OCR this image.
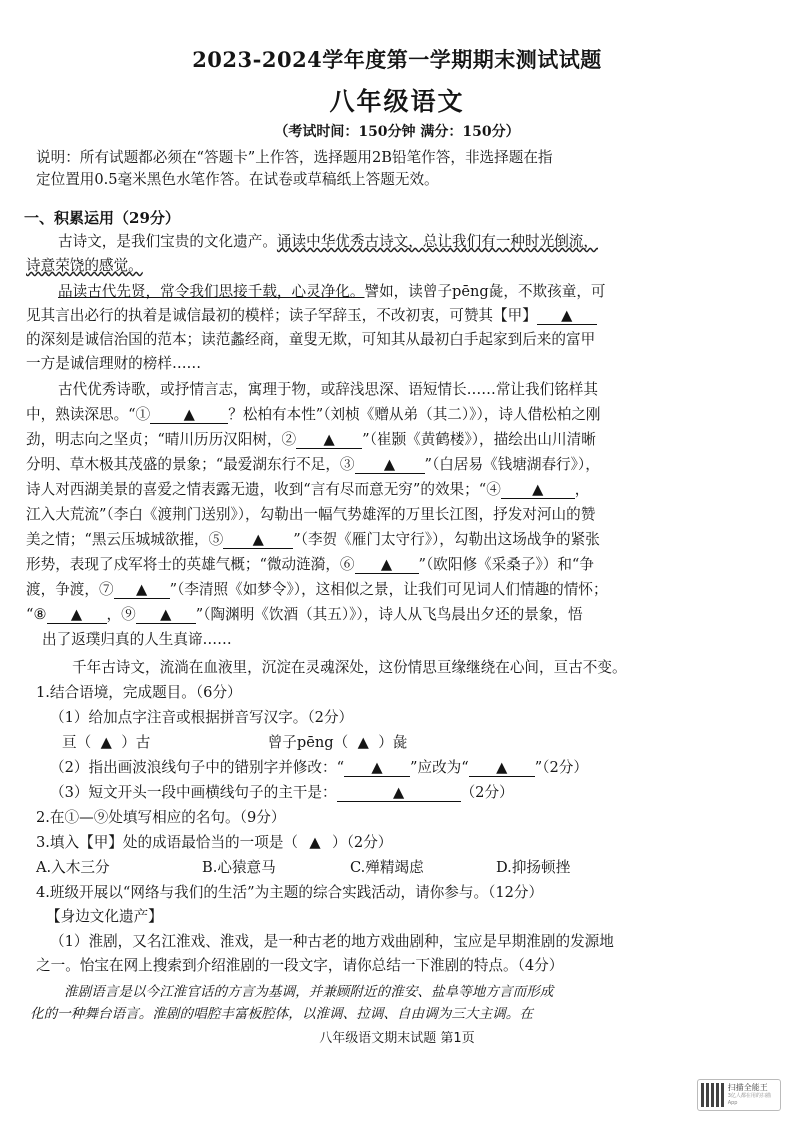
2023-2024学年度第一学期期末测试试题
八年级语文
（考试时间：150分钟 满分：150分）
说明：所有试题都必须在“答题卡”上作答，选择题用2B铅笔作答，非选择题在指
定位置用0.5毫米黑色水笔作答。在试卷或草稿纸上答题无效。
一、积累运用（29分）
古诗文，是我们宝贵的文化遗产。诵读中华优秀古诗文，总让我们有一种时光倒流，
诗意荣饶的感觉。
品读古代先贤，常令我们思接千载，心灵净化。譬如，读曾子pēng彘，不欺孩童，可
见其言出必行的执着是诚信最初的模样；读子罕辞玉，不改初衷，可赞其【甲】 ▲
的深刻是诚信治国的范本；读范蠡经商，童叟无欺，可知其从最初白手起家到后来的富甲
一方是诚信理财的榜样……
古代优秀诗歌，或抒情言志，寓理于物，或辞浅思深、语短情长……常让我们铭样其
中，熟读深思。“① ▲ ？松柏有本性”（刘桢《赠从弟（其二）》），诗人借松柏之刚
劲，明志向之坚贞；“晴川历历汉阳树，② ▲ ”（崔颢《黄鹤楼》），描绘出山川清晰
分明、草木极其茂盛的景象；“最爱湖东行不足，③ ▲ ”（白居易《钱塘湖春行》），
诗人对西湖美景的喜爱之情表露无遗，收到“言有尽而意无穷”的效果；“④ ▲ ，
江入大荒流”（李白《渡荆门送别》），勾勒出一幅气势雄浑的万里长江图，抒发对河山的赞
美之情；“黑云压城城欲摧，⑤ ▲ ”（李贺《雁门太守行》），勾勒出这场战争的紧张
形势，表现了戍军将士的英雄气概；“微动涟漪，⑥ ▲ ”（欧阳修《采桑子》）和“争
渡，争渡，⑦ ▲ ”（李清照《如梦令》），这相似之景，让我们可见词人们情趣的情怀；
“⑧ ▲ ，⑨ ▲ ”（陶渊明《饮酒（其五）》），诗人从飞鸟晨出夕还的景象，悟
出了返璞归真的人生真谛……
千年古诗文，流淌在血液里，沉淀在灵魂深处，这份情思亘缘继绕在心间，亘古不变。
1.结合语境，完成题目。（6分）
（1）给加点字注音或根据拼音写汉字。（2分）
亘（ ▲ ）古	曾子pēng（ ▲ ）彘
（2）指出画波浪线句子中的错别字并修改：“ ▲ ”应改为“ ▲ ”（2分）
（3）短文开头一段中画横线句子的主干是：	▲	（2分）
2.在①—⑨处填写相应的名句。（9分）
3.填入【甲】处的成语最恰当的一项是（ ▲ ）（2分）
A.入木三分	B.心猿意马	C.殚精竭虑	D.抑扬顿挫
4.班级开展以“网络与我们的生活”为主题的综合实践活动，请你参与。（12分）
【身边文化遗产】
（1）淮剧，又名江淮戏、淮戏，是一种古老的地方戏曲剧种，宝应是早期淮剧的发源地
之一。怡宝在网上搜索到介绍淮剧的一段文字，请你总结一下淮剧的特点。（4分）
淮剧语言是以今江淮官话的方言为基调，并兼顾附近的淮安、盐阜等地方言而形成
化的一种舞台语言。淮剧的唱腔丰富板腔体，以淮调、拉调、自由调为三大主调。在
八年级语文期末试题 第1页
扫描全能王
3亿人都在用的扫描App
